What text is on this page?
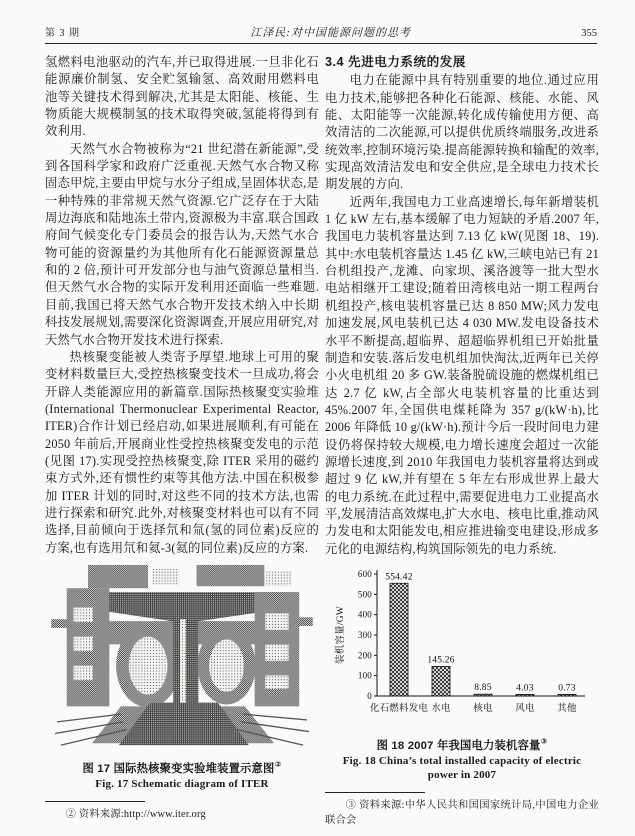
第 3 期	江泽民:对中国能源问题的思考	355

氢燃料电池驱动的汽车,并已取得进展.一旦非化石能源廉价制氢、安全贮氢输氢、高效耐用燃料电池等关键技术得到解决,尤其是太阳能、核能、生物质能大规模制氢的技术取得突破,氢能将得到有效利用.

天然气水合物被称为“21 世纪潜在新能源”,受到各国科学家和政府广泛重视.天然气水合物又称固态甲烷,主要由甲烷与水分子组成,呈固体状态,是一种特殊的非常规天然气资源.它广泛存在于大陆周边海底和陆地冻土带内,资源极为丰富.联合国政府间气候变化专门委员会的报告认为,天然气水合物可能的资源量约为其他所有化石能源资源量总和的 2 倍,预计可开发部分也与油气资源总量相当.但天然气水合物的实际开发利用还面临一些难题.目前,我国已将天然气水合物开发技术纳入中长期科技发展规划,需要深化资源调查,开展应用研究,对天然气水合物开发技术进行探索.

热核聚变能被人类寄予厚望.地球上可用的聚变材料数量巨大,受控热核聚变技术一旦成功,将会开辟人类能源应用的新篇章.国际热核聚变实验堆(International Thermonuclear Experimental Reactor, ITER)合作计划已经启动,如果进展顺利,有可能在 2050 年前后,开展商业性受控热核聚变发电的示范(见图 17).实现受控热核聚变,除 ITER 采用的磁约束方式外,还有惯性约束等其他方法.中国在积极参加 ITER 计划的同时,对这些不同的技术方法,也需进行探索和研究.此外,对核聚变材料也可以有不同选择,目前倾向于选择氘和氚(氢的同位素)反应的方案,也有选用氘和氦-3(氦的同位素)反应的方案.

图 17 国际热核聚变实验堆装置示意图②
Fig. 17 Schematic diagram of ITER
② 资料来源:http://www.iter.org
3.4 先进电力系统的发展

电力在能源中具有特别重要的地位.通过应用电力技术,能够把各种化石能源、核能、水能、风能、太阳能等一次能源,转化成传输使用方便、高效清洁的二次能源,可以提供优质终端服务,改进系统效率,控制环境污染.提高能源转换和输配的效率,实现高效清洁发电和安全供应,是全球电力技术长期发展的方向.

近两年,我国电力工业高速增长,每年新增装机 1 亿 kW 左右,基本缓解了电力短缺的矛盾.2007 年,我国电力装机容量达到 7.13 亿 kW(见图 18、19).其中:水电装机容量达 1.45 亿 kW,三峡电站已有 21 台机组投产,龙滩、向家坝、溪洛渡等一批大型水电站相继开工建设;随着田湾核电站一期工程两台机组投产,核电装机容量已达 8 850 MW;风力发电加速发展,风电装机已达 4 030 MW.发电设备技术水平不断提高,超临界、超超临界机组已开始批量制造和安装.落后发电机组加快淘汰,近两年已关停小火电机组 20 多 GW.装备脱硫设施的燃煤机组已达 2.7 亿 kW,占全部火电装机容量的比重达到 45%.2007 年,全国供电煤耗降为 357 g/(kW·h),比 2006 年降低 10 g/(kW·h).预计今后一段时间电力建设仍将保持较大规模,电力增长速度会超过一次能源增长速度,到 2010 年我国电力装机容量将达到或超过 9 亿 kW,并有望在 5 年左右形成世界上最大的电力系统.在此过程中,需要促进电力工业提高水平,发展清洁高效煤电,扩大水电、核电比重,推动风力发电和太阳能发电,相应推进输变电建设,形成多元化的电源结构,构筑国际领先的电力系统.

0
100
200
300
400
500
600
装机容量/GW
554.42
化石燃料发电
145.26
水电
8.85
核电
4.03
风电
0.73
其他
图 18 2007 年我国电力装机容量③
Fig. 18 China’s total installed capacity of electric
power in 2007
③ 资料来源:中华人民共和国国家统计局,中国电力企业联合会
